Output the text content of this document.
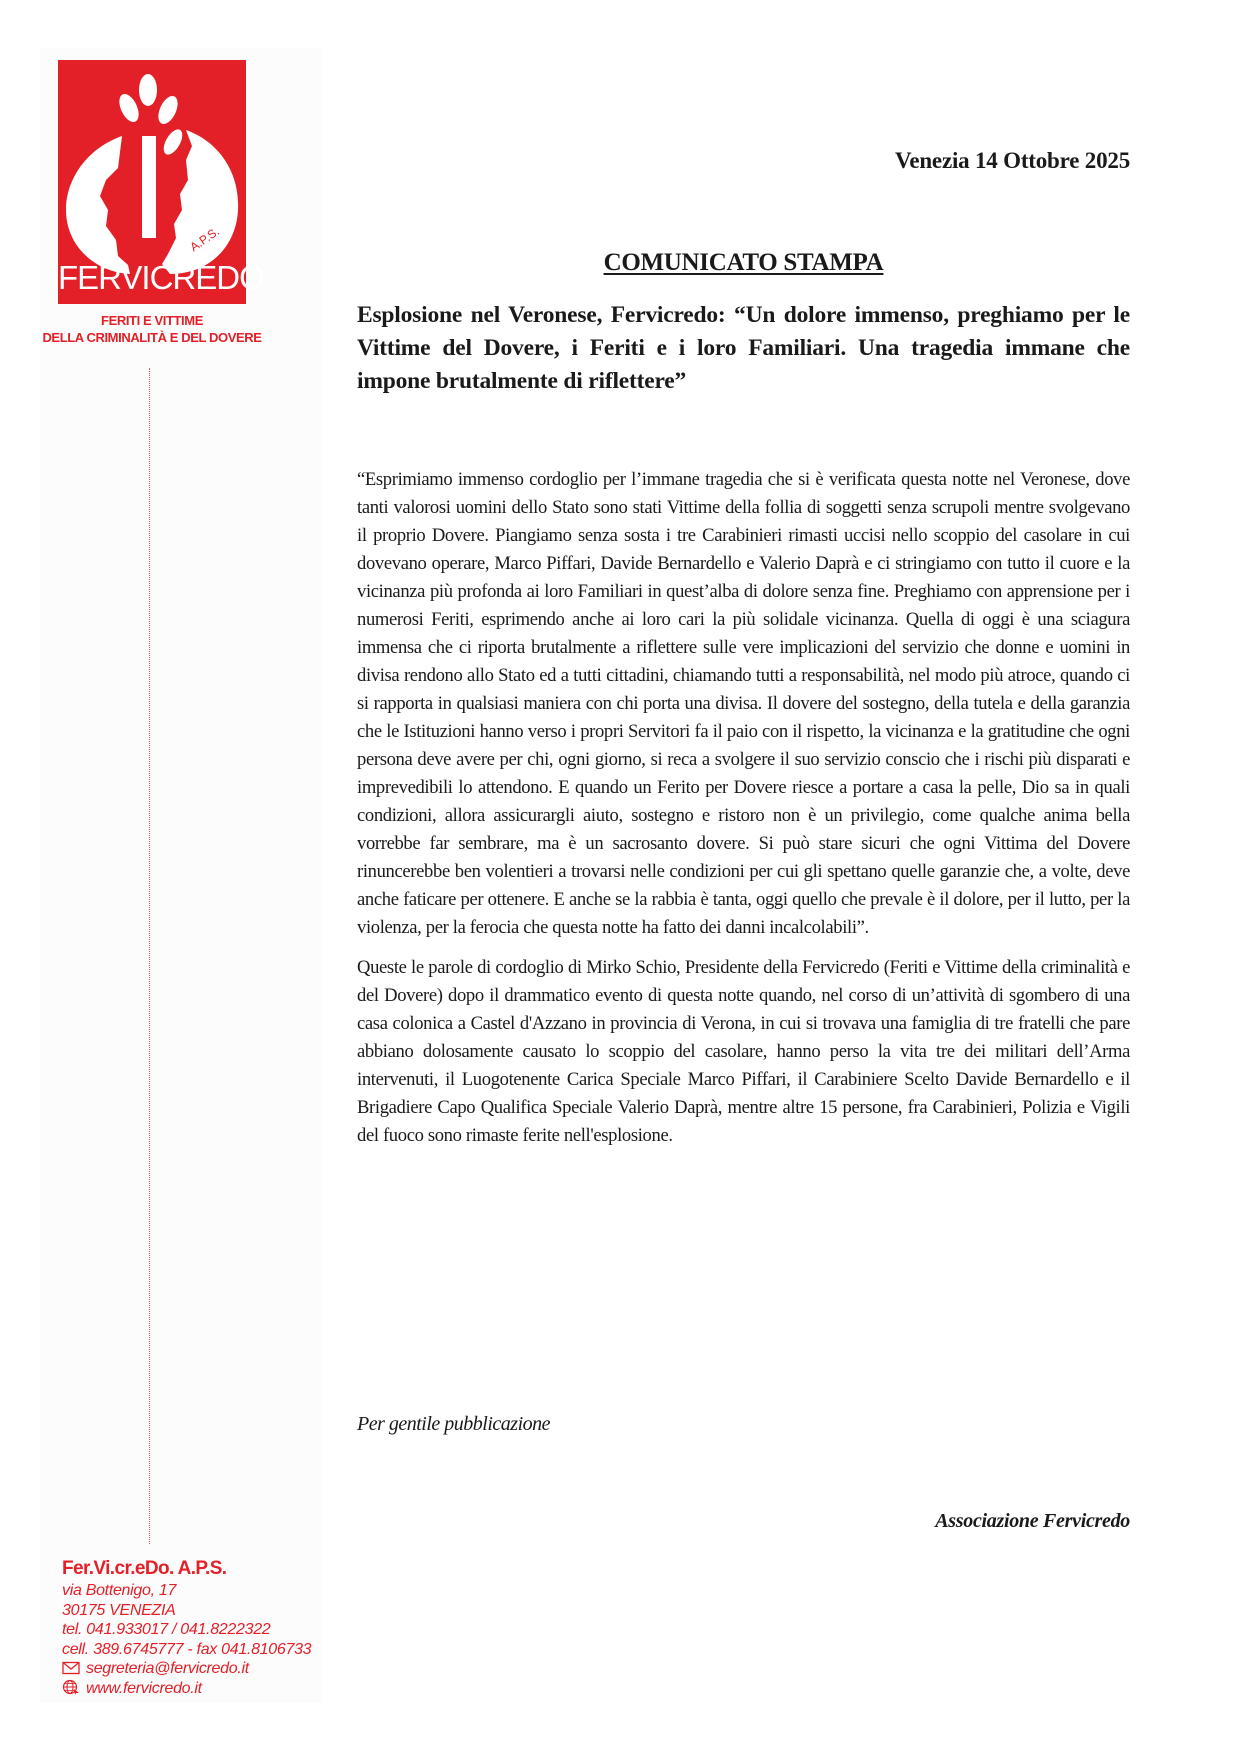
A.P.S.
FERVICREDO
FERITI E VITTIME
DELLA CRIMINALITÀ E DEL DOVERE
Fer.Vi.cr.eDo. A.P.S.
via Bottenigo, 17
30175 VENEZIA
tel. 041.933017 / 041.8222322
cell. 389.6745777 - fax 041.8106733
segreteria@fervicredo.it
www.fervicredo.it
Venezia 14 Ottobre 2025
COMUNICATO STAMPA
Esplosione nel Veronese, Fervicredo: “Un dolore immenso, preghiamo per le Vittime del Dovere, i Feriti e i loro Familiari. Una tragedia immane che impone brutalmente di riflettere”

“Esprimiamo immenso cordoglio per l’immane tragedia che si è verificata questa notte nel Veronese, dove tanti valorosi uomini dello Stato sono stati Vittime della follia di soggetti senza scrupoli mentre svolgevano il proprio Dovere. Piangiamo senza sosta i tre Carabinieri rimasti uccisi nello scoppio del casolare in cui dovevano operare, Marco Piffari, Davide Bernardello e Valerio Daprà e ci stringiamo con tutto il cuore e la vicinanza più profonda ai loro Familiari in quest’alba di dolore senza fine. Preghiamo con apprensione per i numerosi Feriti, esprimendo anche ai loro cari la più solidale vicinanza. Quella di oggi è una sciagura immensa che ci riporta brutalmente a riflettere sulle vere implicazioni del servizio che donne e uomini in divisa rendono allo Stato ed a tutti cittadini, chiamando tutti a responsabilità, nel modo più atroce, quando ci si rapporta in qualsiasi maniera con chi porta una divisa. Il dovere del sostegno, della tutela e della garanzia che le Istituzioni hanno verso i propri Servitori fa il paio con il rispetto, la vicinanza e la gratitudine che ogni persona deve avere per chi, ogni giorno, si reca a svolgere il suo servizio conscio che i rischi più disparati e imprevedibili lo attendono. E quando un Ferito per Dovere riesce a portare a casa la pelle, Dio sa in quali condizioni, allora assicurargli aiuto, sostegno e ristoro non è un privilegio, come qualche anima bella vorrebbe far sembrare, ma è un sacrosanto dovere. Si può stare sicuri che ogni Vittima del Dovere rinuncerebbe ben volentieri a trovarsi nelle condizioni per cui gli spettano quelle garanzie che, a volte, deve anche faticare per ottenere. E anche se la rabbia è tanta, oggi quello che prevale è il dolore, per il lutto, per la violenza, per la ferocia che questa notte ha fatto dei danni incalcolabili”.

Queste le parole di cordoglio di Mirko Schio, Presidente della Fervicredo (Feriti e Vittime della criminalità e del Dovere) dopo il drammatico evento di questa notte quando, nel corso di un’attività di sgombero di una casa colonica a Castel d'Azzano in provincia di Verona, in cui si trovava una famiglia di tre fratelli che pare abbiano dolosamente causato lo scoppio del casolare, hanno perso la vita tre dei militari dell’Arma intervenuti, il Luogotenente Carica Speciale Marco Piffari, il Carabiniere Scelto Davide Bernardello e il Brigadiere Capo Qualifica Speciale Valerio Daprà, mentre altre 15 persone, fra Carabinieri, Polizia e Vigili del fuoco sono rimaste ferite nell'esplosione.

Per gentile pubblicazione
Associazione Fervicredo
